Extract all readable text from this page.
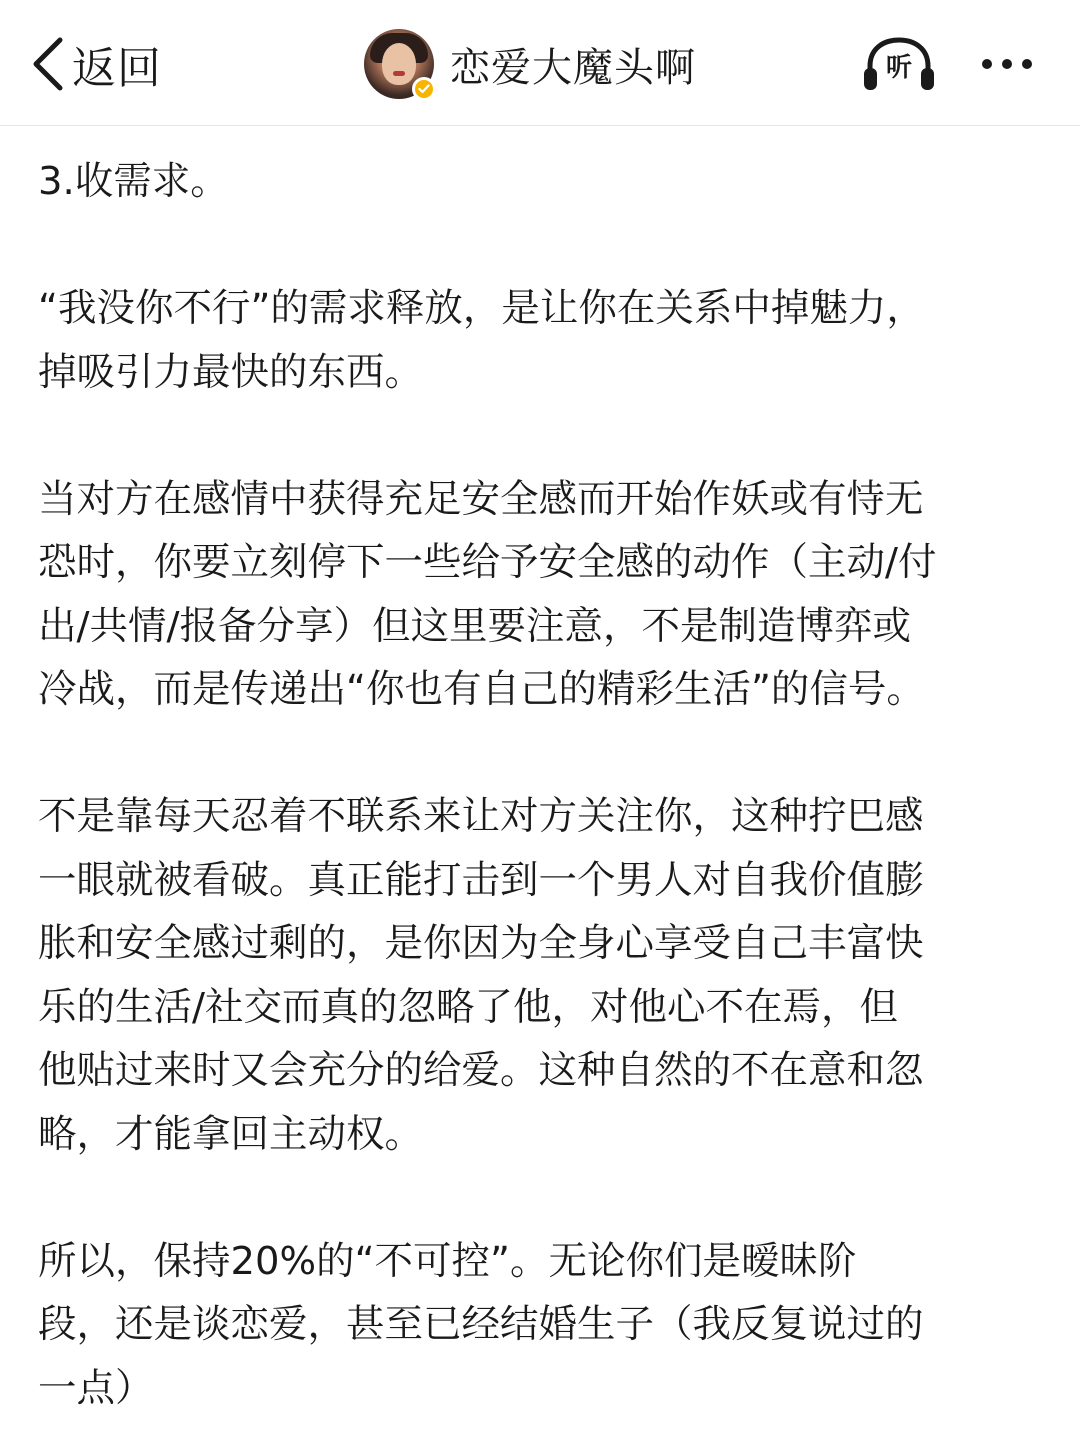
返回	恋爱大魔头啊	听

3.收需求。

“我没你不行”的需求释放，是让你在关系中掉魅力，
掉吸引力最快的东西。

当对方在感情中获得充足安全感而开始作妖或有恃无
恐时，你要立刻停下一些给予安全感的动作（主动/付
出/共情/报备分享）但这里要注意，不是制造博弈或
冷战，而是传递出“你也有自己的精彩生活”的信号。

不是靠每天忍着不联系来让对方关注你，这种拧巴感
一眼就被看破。真正能打击到一个男人对自我价值膨
胀和安全感过剩的，是你因为全身心享受自己丰富快
乐的生活/社交而真的忽略了他，对他心不在焉，但
他贴过来时又会充分的给爱。这种自然的不在意和忽
略，才能拿回主动权。

所以，保持20%的“不可控”。无论你们是暧昧阶
段，还是谈恋爱，甚至已经结婚生子（我反复说过的
一点）
